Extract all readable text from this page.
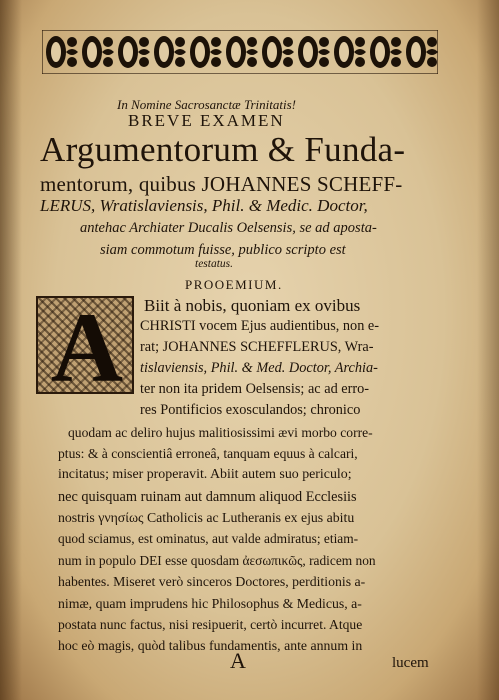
In Nomine Sacrosanctæ Trinitatis!
BREVE EXAMEN
Argumentorum & Funda-
mentorum, quibus JOHANNES SCHEFF-
LERUS, Wratislaviensis, Phil. & Medic. Doctor,
antehac Archiater Ducalis Oelsensis, se ad aposta-
siam commotum fuisse, publico scripto est
testatus.
PROOEMIUM.
A	Biit à nobis, quoniam ex ovibus
CHRISTI vocem Ejus audientibus, non e-
rat; JOHANNES SCHEFFLERUS, Wra-
tislaviensis, Phil. & Med. Doctor, Archia-
ter non ita pridem Oelsensis; ac ad erro-
res Pontificios exosculandos; chronico
quodam ac deliro hujus malitiosissimi ævi morbo corre-
ptus: & à conscientiâ erroneâ, tanquam equus à calcari,
incitatus; miser properavit. Abiit autem suo periculo;
nec quisquam ruinam aut damnum aliquod Ecclesiis
nostris γνησίως Catholicis ac Lutheranis ex ejus abitu
quod sciamus, est ominatus, aut valde admiratus; etiam-
num in populo DEI esse quosdam ἀεσωπικῶς, radicem non
habentes. Miseret verò sinceros Doctores, perditionis a-
nimæ, quam imprudens hic Philosophus & Medicus, a-
postata nunc factus, nisi resipuerit, certò incurret. Atque
hoc eò magis, quòd talibus fundamentis, ante annum in
A	lucem
